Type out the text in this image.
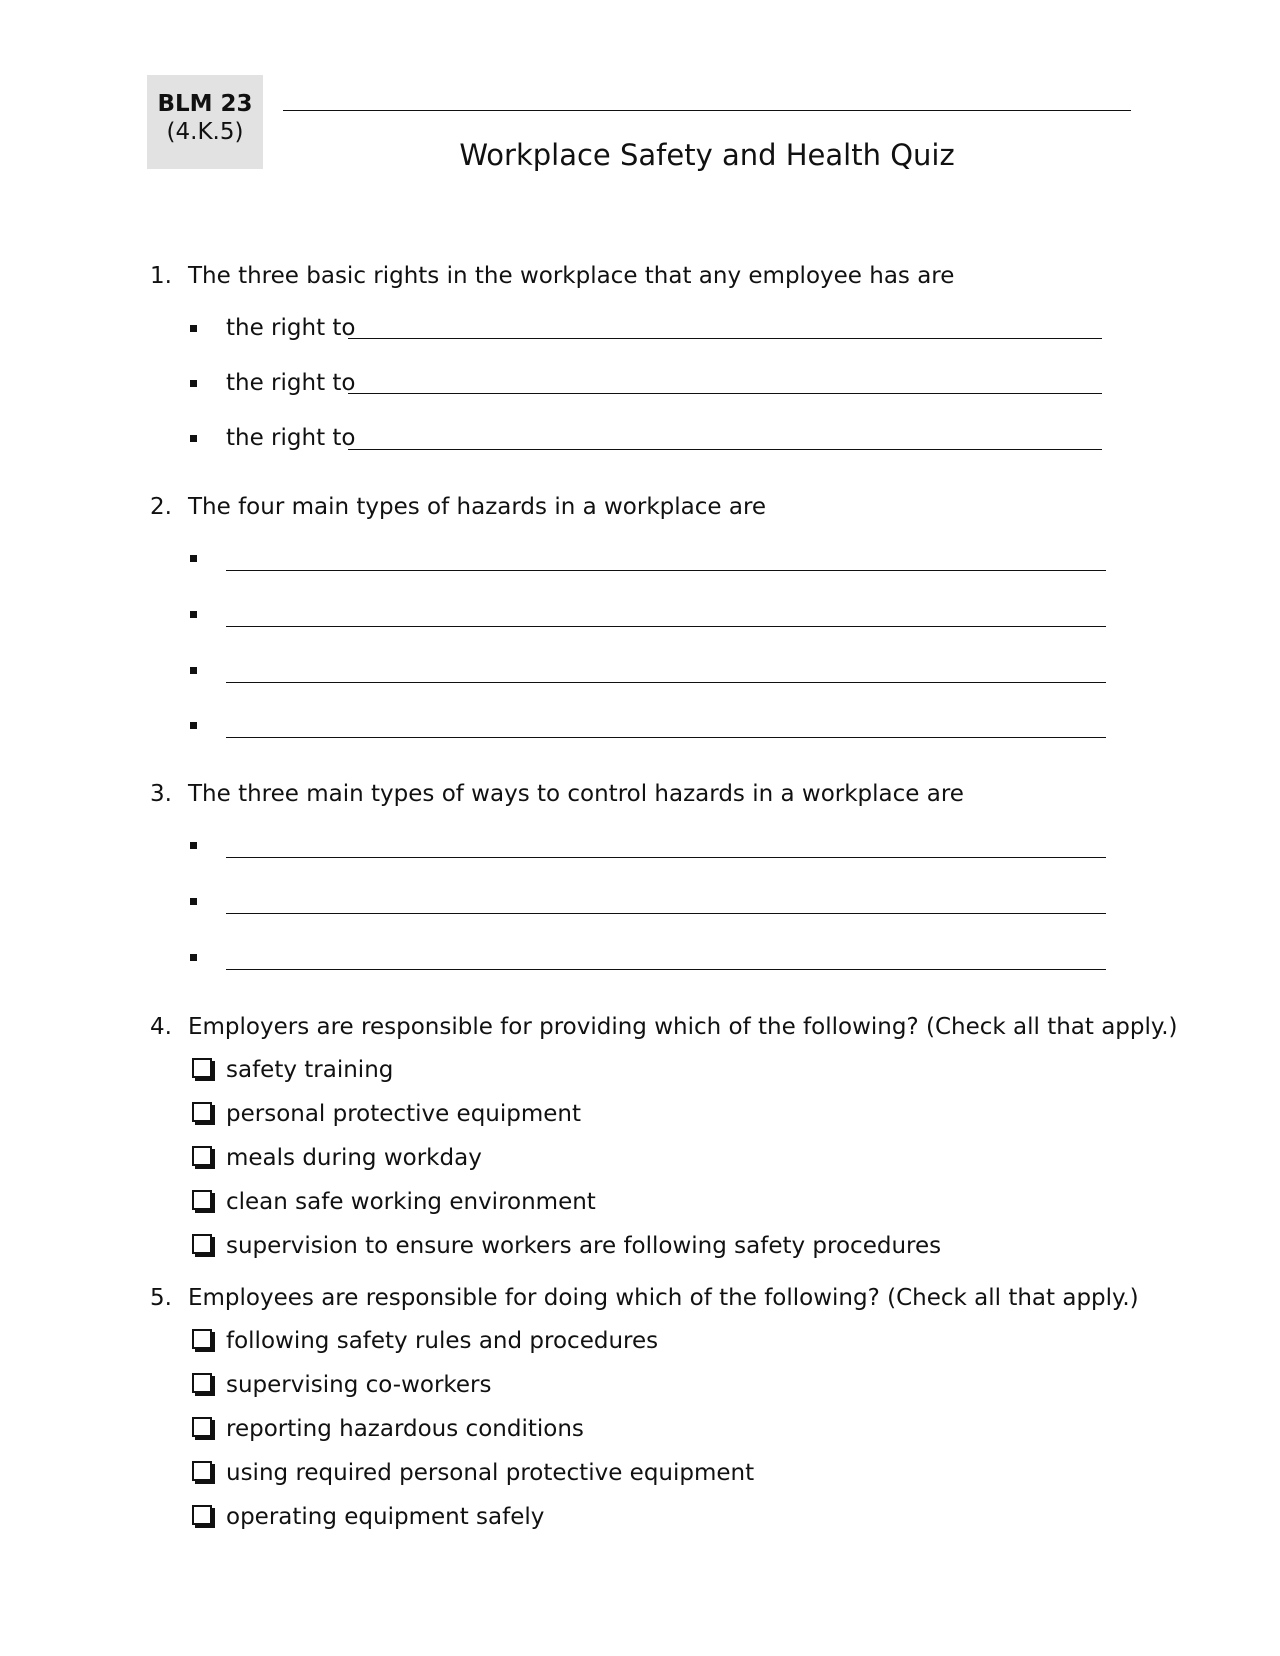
BLM 23
(4.K.5)
Workplace Safety and Health Quiz
1. The three basic rights in the workplace that any employee has are
the right to
the right to
the right to
2. The four main types of hazards in a workplace are
3. The three main types of ways to control hazards in a workplace are
4. Employers are responsible for providing which of the following? (Check all that apply.)
safety training
personal protective equipment
meals during workday
clean safe working environment
supervision to ensure workers are following safety procedures
5. Employees are responsible for doing which of the following? (Check all that apply.)
following safety rules and procedures
supervising co-workers
reporting hazardous conditions
using required personal protective equipment
operating equipment safely
